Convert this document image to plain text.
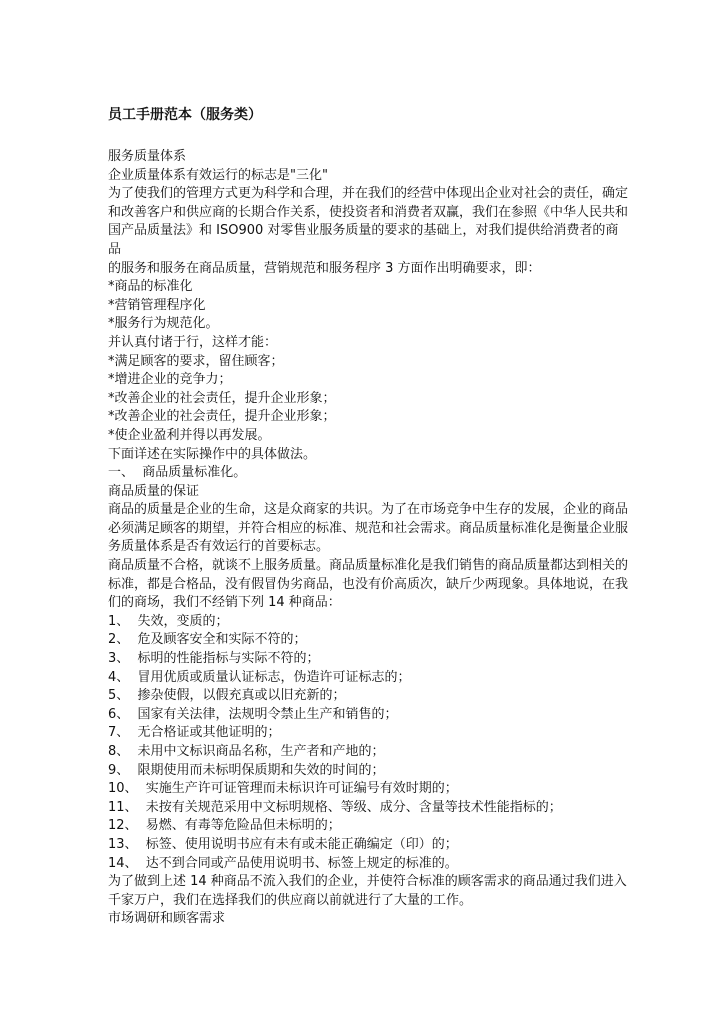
员工手册范本（服务类）

服务质量体系

企业质量体系有效运行的标志是"三化"

为了使我们的管理方式更为科学和合理，并在我们的经营中体现出企业对社会的责任，确定

和改善客户和供应商的长期合作关系，使投资者和消费者双赢，我们在参照《中华人民共和

国产品质量法》和 ISO900 对零售业服务质量的要求的基础上，对我们提供给消费者的商品

的服务和服务在商品质量，营销规范和服务程序 3 方面作出明确要求，即：

*商品的标准化

*营销管理程序化

*服务行为规范化。

并认真付诸于行，这样才能：

*满足顾客的要求，留住顾客；

*增进企业的竞争力；

*改善企业的社会责任，提升企业形象；

*改善企业的社会责任，提升企业形象；

*使企业盈利并得以再发展。

下面详述在实际操作中的具体做法。

一、  商品质量标准化。

商品质量的保证

商品的质量是企业的生命，这是众商家的共识。为了在市场竞争中生存的发展，企业的商品

必须满足顾客的期望，并符合相应的标准、规范和社会需求。商品质量标准化是衡量企业服

务质量体系是否有效运行的首要标志。

商品质量不合格，就谈不上服务质量。商品质量标准化是我们销售的商品质量都达到相关的

标准，都是合格品，没有假冒伪劣商品，也没有价高质次，缺斤少两现象。具体地说，在我

们的商场，我们不经销下列 14 种商品：

1、  失效，变质的；

2、  危及顾客安全和实际不符的；

3、  标明的性能指标与实际不符的；

4、  冒用优质或质量认证标志，伪造许可证标志的；

5、  掺杂使假，以假充真或以旧充新的；

6、  国家有关法律，法规明令禁止生产和销售的；

7、  无合格证或其他证明的；

8、  未用中文标识商品名称，生产者和产地的；

9、  限期使用而未标明保质期和失效的时间的；

10、  实施生产许可证管理而未标识许可证编号有效时期的；

11、  未按有关规范采用中文标明规格、等级、成分、含量等技术性能指标的；

12、  易燃、有毒等危险品但未标明的；

13、  标签、使用说明书应有未有或未能正确编定（印）的；

14、  达不到合同或产品使用说明书、标签上规定的标准的。

为了做到上述 14 种商品不流入我们的企业，并使符合标准的顾客需求的商品通过我们进入

千家万户，我们在选择我们的供应商以前就进行了大量的工作。

市场调研和顾客需求
